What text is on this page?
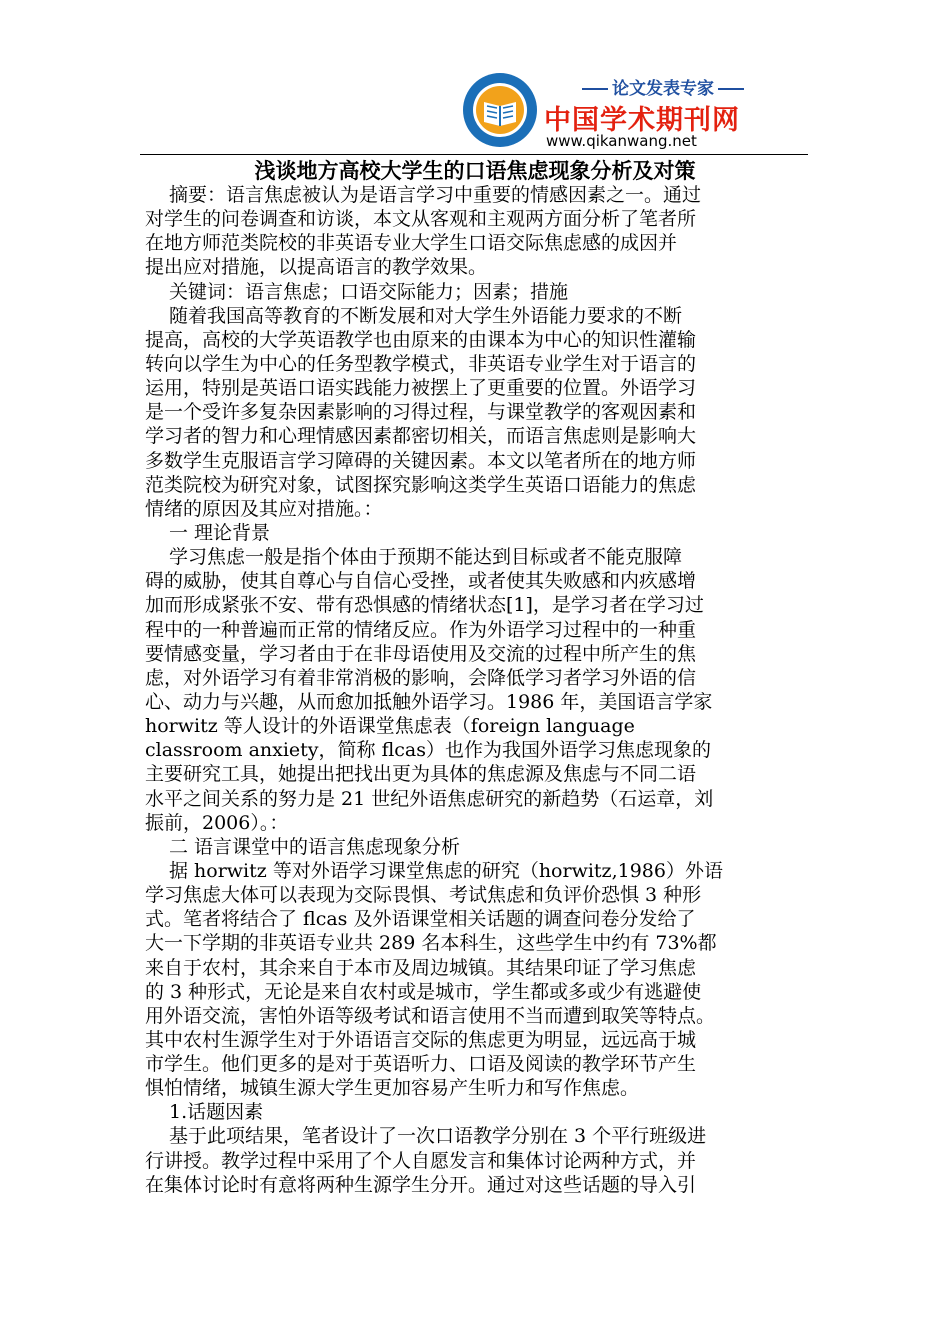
论文发表专家
中国学术期刊网
www.qikanwang.net
浅谈地方高校大学生的口语焦虑现象分析及对策
摘要：语言焦虑被认为是语言学习中重要的情感因素之一。通过
对学生的问卷调查和访谈，本文从客观和主观两方面分析了笔者所
在地方师范类院校的非英语专业大学生口语交际焦虑感的成因并
提出应对措施，以提高语言的教学效果。
关键词：语言焦虑；口语交际能力；因素；措施
随着我国高等教育的不断发展和对大学生外语能力要求的不断
提高，高校的大学英语教学也由原来的由课本为中心的知识性灌输
转向以学生为中心的任务型教学模式，非英语专业学生对于语言的
运用，特别是英语口语实践能力被摆上了更重要的位置。外语学习
是一个受许多复杂因素影响的习得过程，与课堂教学的客观因素和
学习者的智力和心理情感因素都密切相关，而语言焦虑则是影响大
多数学生克服语言学习障碍的关键因素。本文以笔者所在的地方师
范类院校为研究对象，试图探究影响这类学生英语口语能力的焦虑
情绪的原因及其应对措施。：
一 理论背景
学习焦虑一般是指个体由于预期不能达到目标或者不能克服障
碍的威胁，使其自尊心与自信心受挫，或者使其失败感和内疚感增
加而形成紧张不安、带有恐惧感的情绪状态[1]，是学习者在学习过
程中的一种普遍而正常的情绪反应。作为外语学习过程中的一种重
要情感变量，学习者由于在非母语使用及交流的过程中所产生的焦
虑，对外语学习有着非常消极的影响，会降低学习者学习外语的信
心、动力与兴趣，从而愈加抵触外语学习。1986 年，美国语言学家
horwitz 等人设计的外语课堂焦虑表（foreign language
classroom anxiety，简称 flcas）也作为我国外语学习焦虑现象的
主要研究工具，她提出把找出更为具体的焦虑源及焦虑与不同二语
水平之间关系的努力是 21 世纪外语焦虑研究的新趋势（石运章，刘
振前，2006）。：
二 语言课堂中的语言焦虑现象分析
据 horwitz 等对外语学习课堂焦虑的研究（horwitz,1986）外语
学习焦虑大体可以表现为交际畏惧、考试焦虑和负评价恐惧 3 种形
式。笔者将结合了 flcas 及外语课堂相关话题的调查问卷分发给了
大一下学期的非英语专业共 289 名本科生，这些学生中约有 73%都
来自于农村，其余来自于本市及周边城镇。其结果印证了学习焦虑
的 3 种形式，无论是来自农村或是城市，学生都或多或少有逃避使
用外语交流，害怕外语等级考试和语言使用不当而遭到取笑等特点。
其中农村生源学生对于外语语言交际的焦虑更为明显，远远高于城
市学生。他们更多的是对于英语听力、口语及阅读的教学环节产生
惧怕情绪，城镇生源大学生更加容易产生听力和写作焦虑。
1.话题因素
基于此项结果，笔者设计了一次口语教学分别在 3 个平行班级进
行讲授。教学过程中采用了个人自愿发言和集体讨论两种方式，并
在集体讨论时有意将两种生源学生分开。通过对这些话题的导入引
